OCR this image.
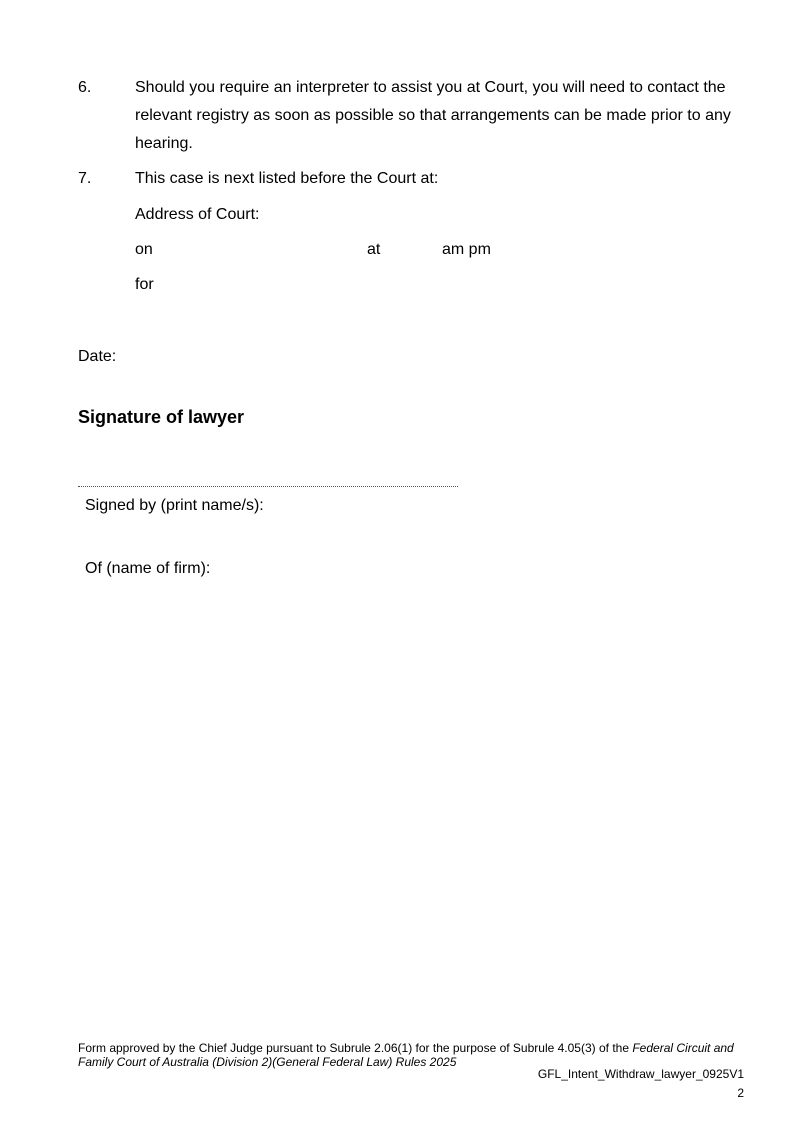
6.	Should you require an interpreter to assist you at Court, you will need to contact the relevant registry as soon as possible so that arrangements can be made prior to any hearing.
7.	This case is next listed before the Court at:
Address of Court:
on	at	am pm
for
Date:
Signature of lawyer
Signed by (print name/s):
Of (name of firm):
Form approved by the Chief Judge pursuant to Subrule 2.06(1) for the purpose of Subrule 4.05(3) of the Federal Circuit and Family Court of Australia (Division 2)(General Federal Law) Rules 2025
GFL_Intent_Withdraw_lawyer_0925V1
2
